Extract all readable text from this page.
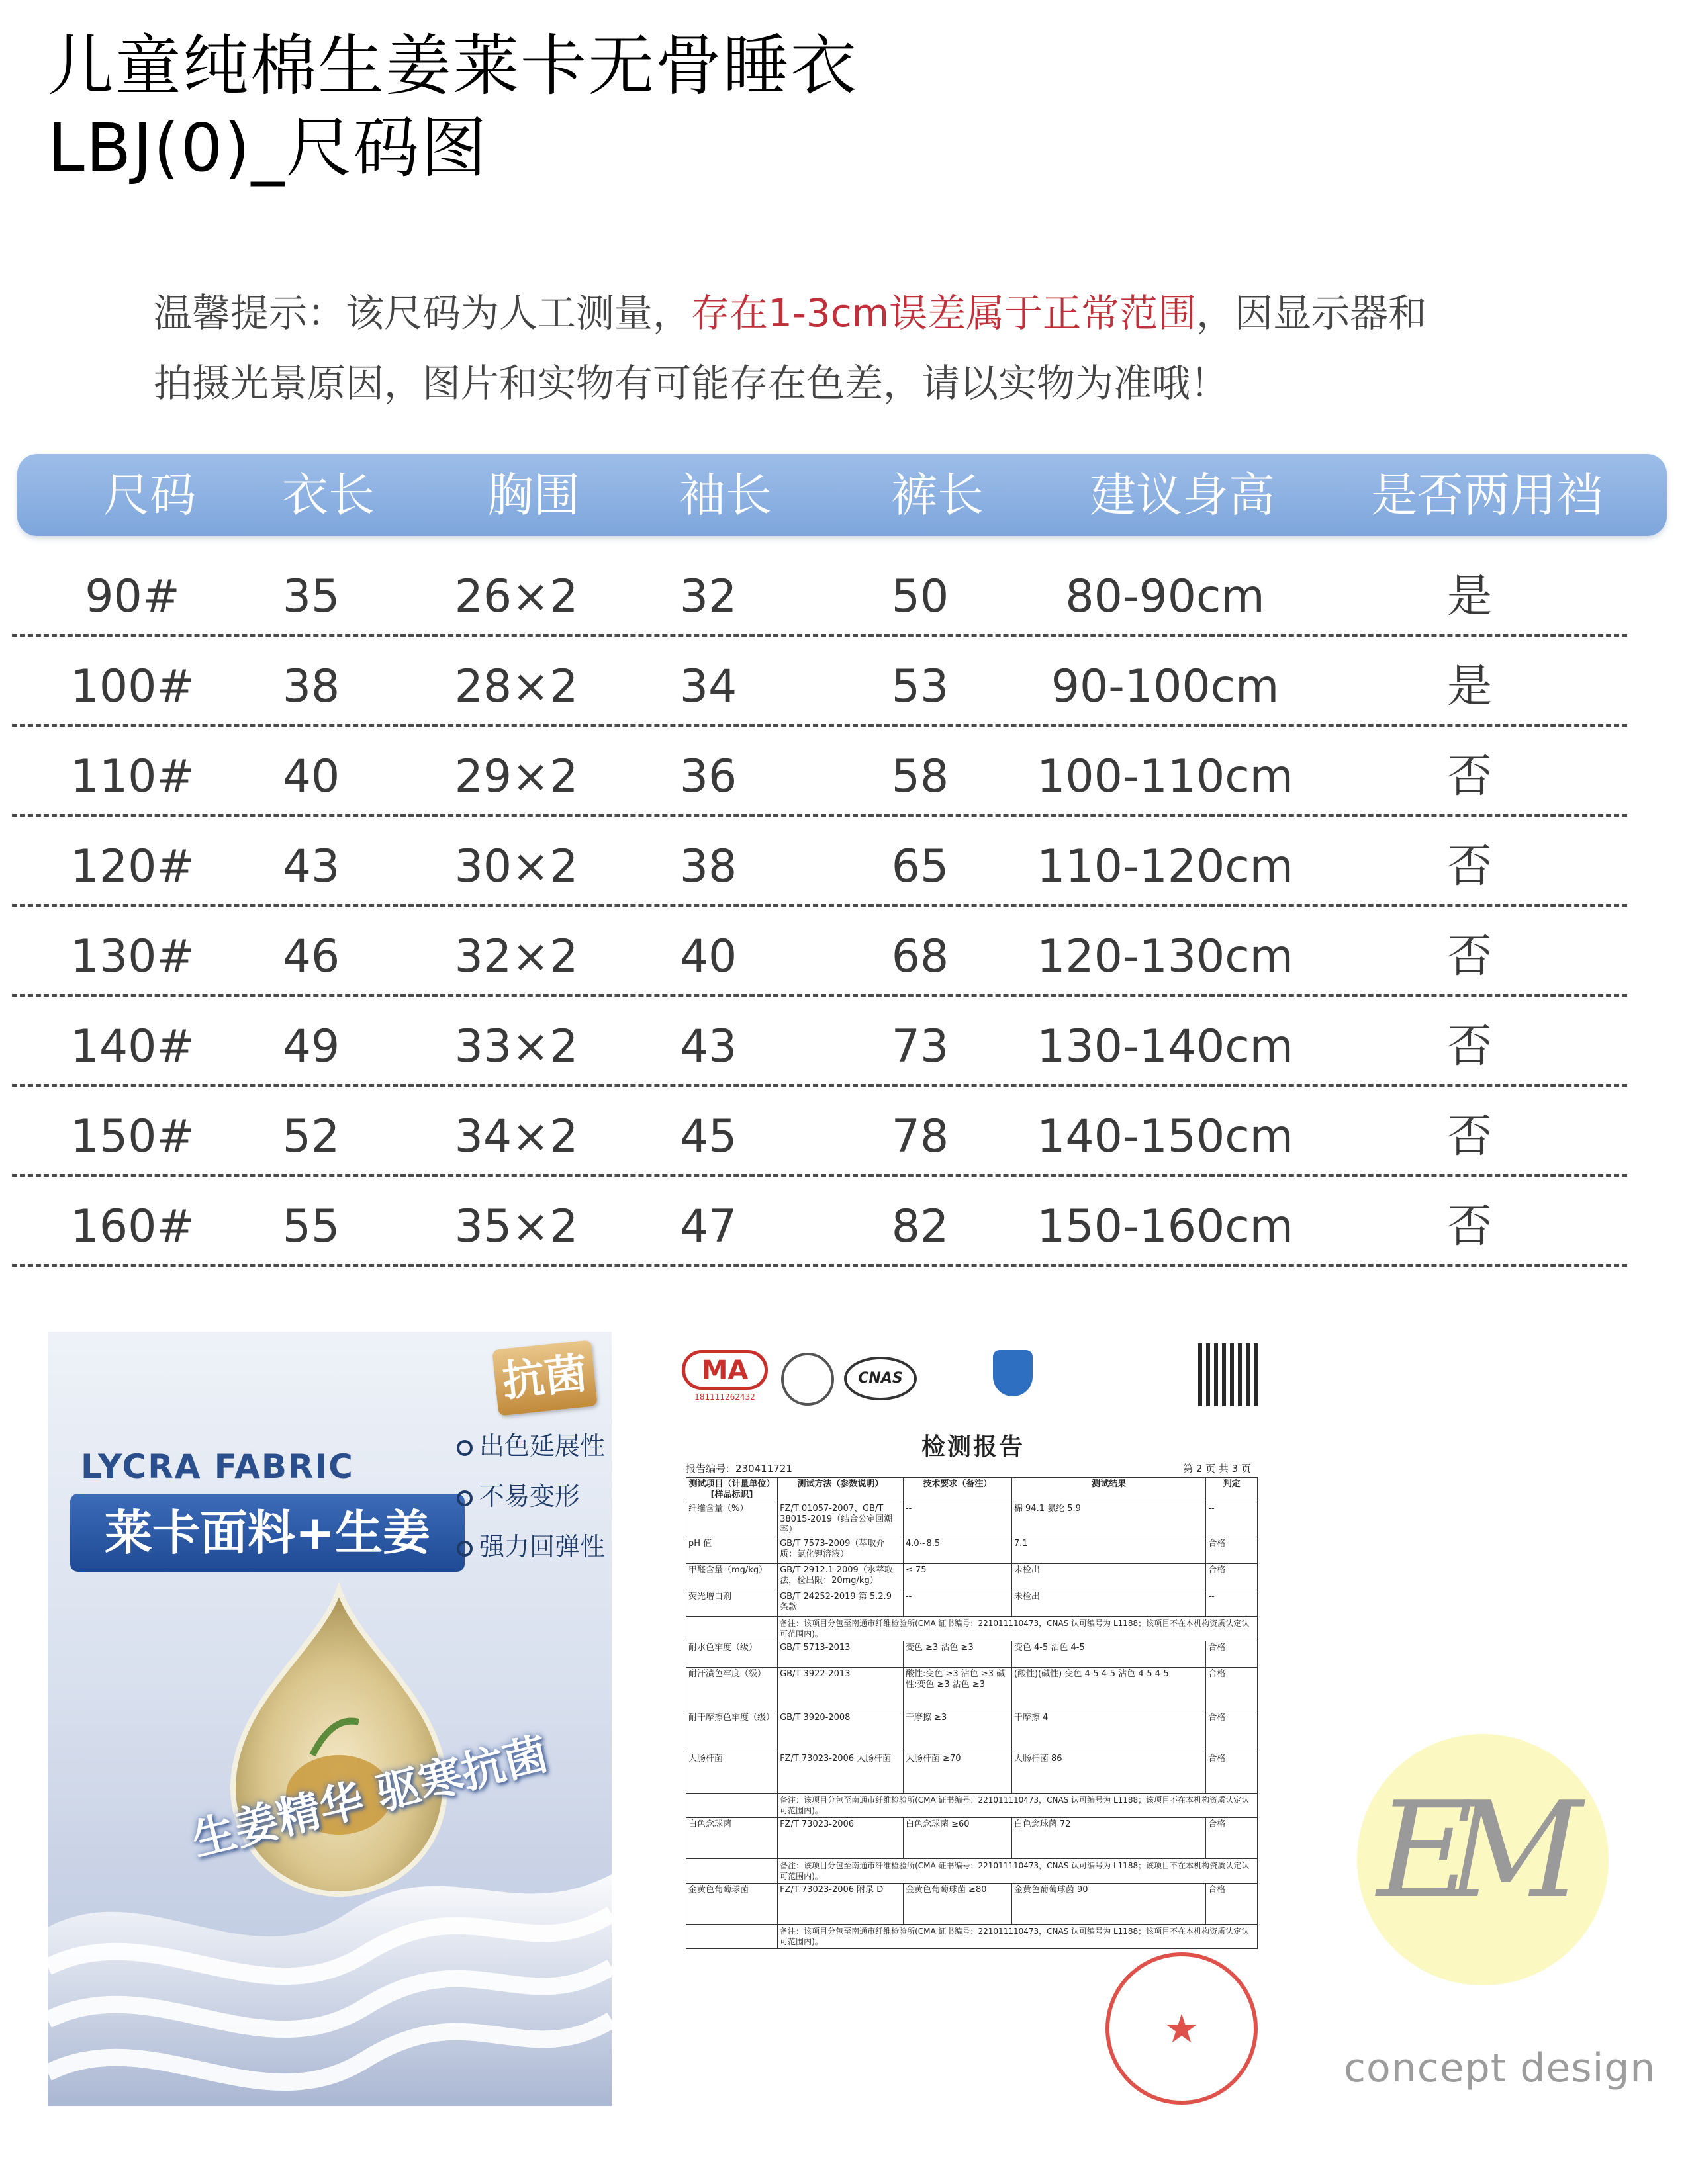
儿童纯棉生姜莱卡无骨睡衣
LBJ(0)_尺码图
温馨提示：该尺码为人工测量，存在1-3cm误差属于正常范围，因显示器和
拍摄光景原因，图片和实物有可能存在色差，请以实物为准哦！
尺码 衣长 胸围 袖长	裤长 建议身高 是否两用裆
90# 35	26×2 32	50	80-90cm	是
100# 38	28×2 34	53 90-100cm	是
110# 40	29×2 36	58 100-110cm	否
120# 43	30×2 38	65 110-120cm	否
130# 46	32×2 40	68 120-130cm	否
140# 49	33×2 43	73 130-140cm	否
150# 52	34×2 45	78 140-150cm	否
160# 55	35×2 47	82 150-160cm	否
抗菌
LYCRA FABRIC
莱卡面料+生姜
出色延展性
不易变形
强力回弹性
生姜精华 驱寒抗菌
MA
181111262432
CNAS
检测报告
报告编号：230411721	第 2 页 共 3 页
测试项目（计量单位）[样品标识]	测试方法（参数说明）	技术要求（备注）	测试结果	判定
纤维含量（%）	FZ/T 01057-2007、GB/T 38015-2019（结合公定回潮率）	--	棉 94.1 氨纶 5.9	--
pH 值	GB/T 7573-2009（萃取介质：氯化钾溶液）	4.0~8.5	7.1	合格
甲醛含量（mg/kg）	GB/T 2912.1-2009（水萃取法，检出限：20mg/kg）	≤ 75	未检出	合格
荧光增白剂	GB/T 24252-2019 第 5.2.9 条款	--	未检出	--
	备注：该项目分包至南通市纤维检验所(CMA 证书编号：221011110473，CNAS 认可编号为 L1188；该项目不在本机构资质认定认可范围内)。			
耐水色牢度（级）	GB/T 5713-2013	变色 ≥3 沾色 ≥3	变色 4-5 沾色 4-5	合格
耐汗渍色牢度（级）	GB/T 3922-2013	酸性:变色 ≥3 沾色 ≥3 碱性:变色 ≥3 沾色 ≥3	(酸性)(碱性) 变色 4-5 4-5 沾色 4-5 4-5	合格
耐干摩擦色牢度（级）	GB/T 3920-2008	干摩擦 ≥3	干摩擦 4	合格
大肠杆菌	FZ/T 73023-2006 大肠杆菌	大肠杆菌 ≥70	大肠杆菌 86	合格
	备注：该项目分包至南通市纤维检验所(CMA 证书编号：221011110473，CNAS 认可编号为 L1188；该项目不在本机构资质认定认可范围内)。			
白色念球菌	FZ/T 73023-2006	白色念球菌 ≥60	白色念球菌 72	合格
	备注：该项目分包至南通市纤维检验所(CMA 证书编号：221011110473，CNAS 认可编号为 L1188；该项目不在本机构资质认定认可范围内)。			
金黄色葡萄球菌	FZ/T 73023-2006 附录 D	金黄色葡萄球菌 ≥80	金黄色葡萄球菌 90	合格
	备注：该项目分包至南通市纤维检验所(CMA 证书编号：221011110473，CNAS 认可编号为 L1188；该项目不在本机构资质认定认可范围内)。			
★
EM
concept design
